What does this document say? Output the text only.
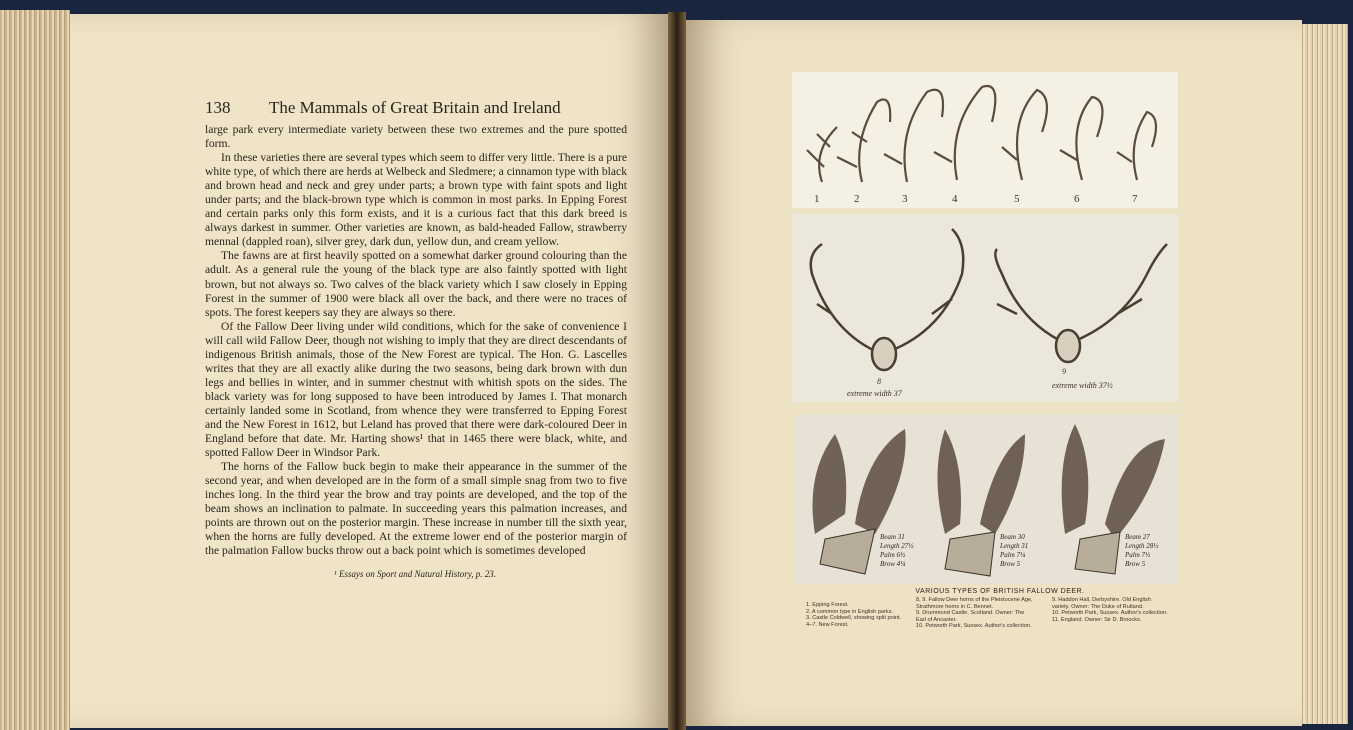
138 The Mammals of Great Britain and Ireland

large park every intermediate variety between these two extremes and the pure spotted form.

In these varieties there are several types which seem to differ very little. There is a pure white type, of which there are herds at Welbeck and Sledmere; a cinnamon type with black and brown head and neck and grey under parts; a brown type with faint spots and light under parts; and the black-brown type which is common in most parks. In Epping Forest and certain parks only this form exists, and it is a curious fact that this dark breed is always darkest in summer. Other varieties are known, as bald-headed Fallow, strawberry mennal (dappled roan), silver grey, dark dun, yellow dun, and cream yellow.

The fawns are at first heavily spotted on a somewhat darker ground colouring than the adult. As a general rule the young of the black type are also faintly spotted with light brown, but not always so. Two calves of the black variety which I saw closely in Epping Forest in the summer of 1900 were black all over the back, and there were no traces of spots. The forest keepers say they are always so there.

Of the Fallow Deer living under wild conditions, which for the sake of convenience I will call wild Fallow Deer, though not wishing to imply that they are direct descendants of indigenous British animals, those of the New Forest are typical. The Hon. G. Lascelles writes that they are all exactly alike during the two seasons, being dark brown with dun legs and bellies in winter, and in summer chestnut with whitish spots on the sides. The black variety was for long supposed to have been introduced by James I. That monarch certainly landed some in Scotland, from whence they were transferred to Epping Forest and the New Forest in 1612, but Leland has proved that there were dark-coloured Deer in England before that date. Mr. Harting shows¹ that in 1465 there were black, white, and spotted Fallow Deer in Windsor Park.

The horns of the Fallow buck begin to make their appearance in the summer of the second year, and when developed are in the form of a small simple snag from two to five inches long. In the third year the brow and tray points are developed, and the top of the beam shows an inclination to palmate. In succeeding years this palmation increases, and points are thrown out on the posterior margin. These increase in number till the sixth year, when the horns are fully developed. At the extreme lower end of the posterior margin of the palmation Fallow bucks throw out a back point which is sometimes developed

¹ Essays on Sport and Natural History, p. 23.
1	2	3	4	5	6	7
extreme width 37
extreme width 37½
8
9
Beam 31
Length 27½
Palm 6½
Brow 4¼
Beam 30
Length 31
Palm 7¼
Brow 5
Beam 27
Length 28½
Palm 7½
Brow 5
VARIOUS TYPES OF BRITISH FALLOW DEER.
1. Epping Forest.
2. A common type in English parks.
3. Castle Coldwell, showing split point.
4–7. New Forest.
8, 9. Fallow Deer horns of the Pleistocene Age,
Strathmore horns in C. Bennet.
9. Drummond Castle, Scotland. Owner: The
Earl of Ancaster.
10. Petworth Park, Sussex. Author's collection.
9. Haddon Hall, Derbyshire. Old English
variety. Owner: The Duke of Rutland.
10. Petworth Park, Sussex. Author's collection.
11. England. Owner: Sir D. Broocks.
